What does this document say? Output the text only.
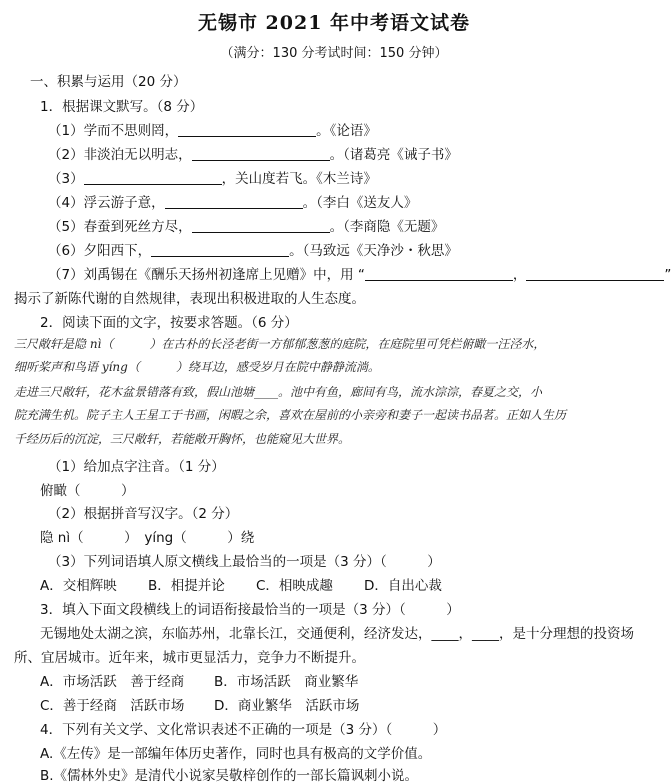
无锡市 2021 年中考语文试卷
（满分：130 分考试时间：150 分钟）
一、积累与运用（20 分）
1．根据课文默写。（8 分）
（1）学而不思则罔，	。《论语》
（2）非淡泊无以明志，	。（诸葛亮《诫子书》
（3）	，关山度若飞。《木兰诗》
（4）浮云游子意，	。（李白《送友人》
（5）春蚕到死丝方尽，	。（李商隐《无题》
（6）夕阳西下，	。（马致远《天净沙・秋思》
（7）刘禹锡在《酬乐天扬州初逢席上见赠》中，用 “	，	”
揭示了新陈代谢的自然规律，表现出积极进取的人生态度。
2．阅读下面的文字，按要求答题。（6 分）
三尺敞轩是隐 nì（　　　）在古朴的长泾老街一方郁郁葱葱的庭院，在庭院里可凭栏俯瞰一汪泾水，
细听桨声和鸟语 yíng（　　　）绕耳边，感受岁月在院中静静流淌。
走进三尺敞轩，花木盆景错落有致，假山池塘____。池中有鱼，廊间有鸟，流水淙淙，春夏之交，小
院充满生机。院子主人王星工于书画，闲暇之余，喜欢在屋前的小亲旁和妻子一起读书品茗。正如人生历
千经历后的沉淀，三尺敞轩，若能敞开胸怀，也能窥见大世界。
（1）给加点字注音。（1 分）
俯瞰（　　　）
（2）根据拼音写汉字。（2 分）
隐 nì（　　　）　yíng（　　　）绕
（3）下列词语填人原文横线上最恰当的一项是（3 分）（　　　）
A．交相辉映 B．相提并论 C．相映成趣 D．自出心裁
3．填入下面文段横线上的词语衔接最恰当的一项是（3 分）（　　　）
无锡地处太湖之滨，东临苏州，北靠长江，交通便利，经济发达，____，____，是十分理想的投资场
所、宜居城市。近年来，城市更显活力，竞争力不断提升。
A．市场活跃　善于经商 B．市场活跃　商业繁华
C．善于经商　活跃市场 D．商业繁华　活跃市场
4．下列有关文学、文化常识表述不正确的一项是（3 分）（　　　）
A.《左传》是一部编年体历史著作，同时也具有极高的文学价值。
B.《儒林外史》是清代小说家吴敬梓创作的一部长篇讽刺小说。
